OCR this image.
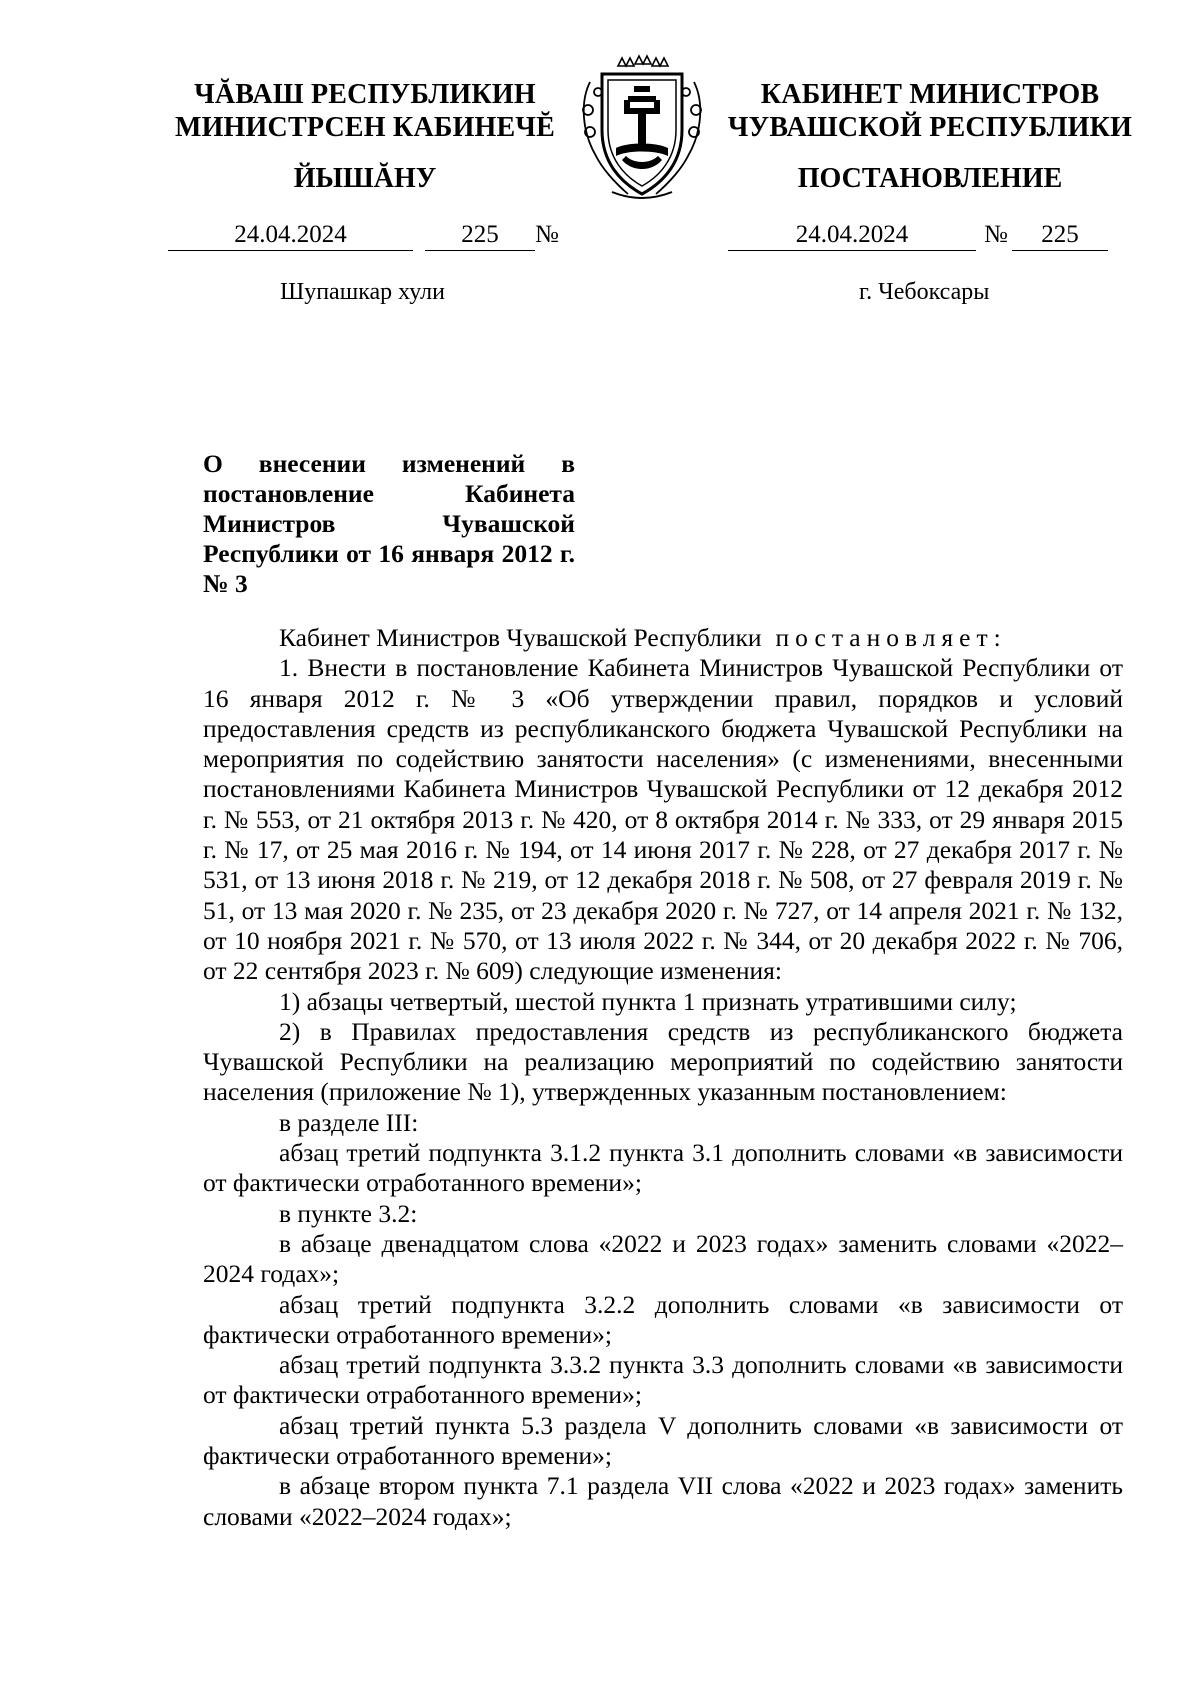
ЧĂВАШ РЕСПУБЛИКИН
МИНИСТРСЕН КАБИНЕЧĔ
ЙЫШĂНУ
КАБИНЕТ МИНИСТРОВ
ЧУВАШСКОЙ РЕСПУБЛИКИ
ПОСТАНОВЛЕНИЕ
24.04.2024	225	№	24.04.2024	№	225
Шупашкар хули	г. Чебоксары
О внесении изменений в постановление Кабинета Министров Чувашской Республики от 16 января 2012 г. № 3

Кабинет Министров Чувашской Республики постановляет:

1. Внести в постановление Кабинета Министров Чувашской Республики от 16 января 2012 г. № 3 «Об утверждении правил, порядков и условий предоставления средств из республиканского бюджета Чувашской Республики на мероприятия по содействию занятости населения» (с изменениями, внесенными постановлениями Кабинета Министров Чувашской Республики от 12 декабря 2012 г. № 553, от 21 октября 2013 г. № 420, от 8 октября 2014 г. № 333, от 29 января 2015 г. № 17, от 25 мая 2016 г. № 194, от 14 июня 2017 г. № 228, от 27 декабря 2017 г. № 531, от 13 июня 2018 г. № 219, от 12 декабря 2018 г. № 508, от 27 февраля 2019 г. № 51, от 13 мая 2020 г. № 235, от 23 декабря 2020 г. № 727, от 14 апреля 2021 г. № 132, от 10 ноября 2021 г. № 570, от 13 июля 2022 г. № 344, от 20 декабря 2022 г. № 706, от 22 сентября 2023 г. № 609) следующие изменения:

1) абзацы четвертый, шестой пункта 1 признать утратившими силу;

2) в Правилах предоставления средств из республиканского бюджета Чувашской Республики на реализацию мероприятий по содействию занятости населения (приложение № 1), утвержденных указанным постановлением:

в разделе III:

абзац третий подпункта 3.1.2 пункта 3.1 дополнить словами «в зависимости от фактически отработанного времени»;

в пункте 3.2:

в абзаце двенадцатом слова «2022 и 2023 годах» заменить словами «2022–2024 годах»;

абзац третий подпункта 3.2.2 дополнить словами «в зависимости от фактически отработанного времени»;

абзац третий подпункта 3.3.2 пункта 3.3 дополнить словами «в зависимости от фактически отработанного времени»;

абзац третий пункта 5.3 раздела V дополнить словами «в зависимости от фактически отработанного времени»;

в абзаце втором пункта 7.1 раздела VII слова «2022 и 2023 годах» заменить словами «2022–2024 годах»;
